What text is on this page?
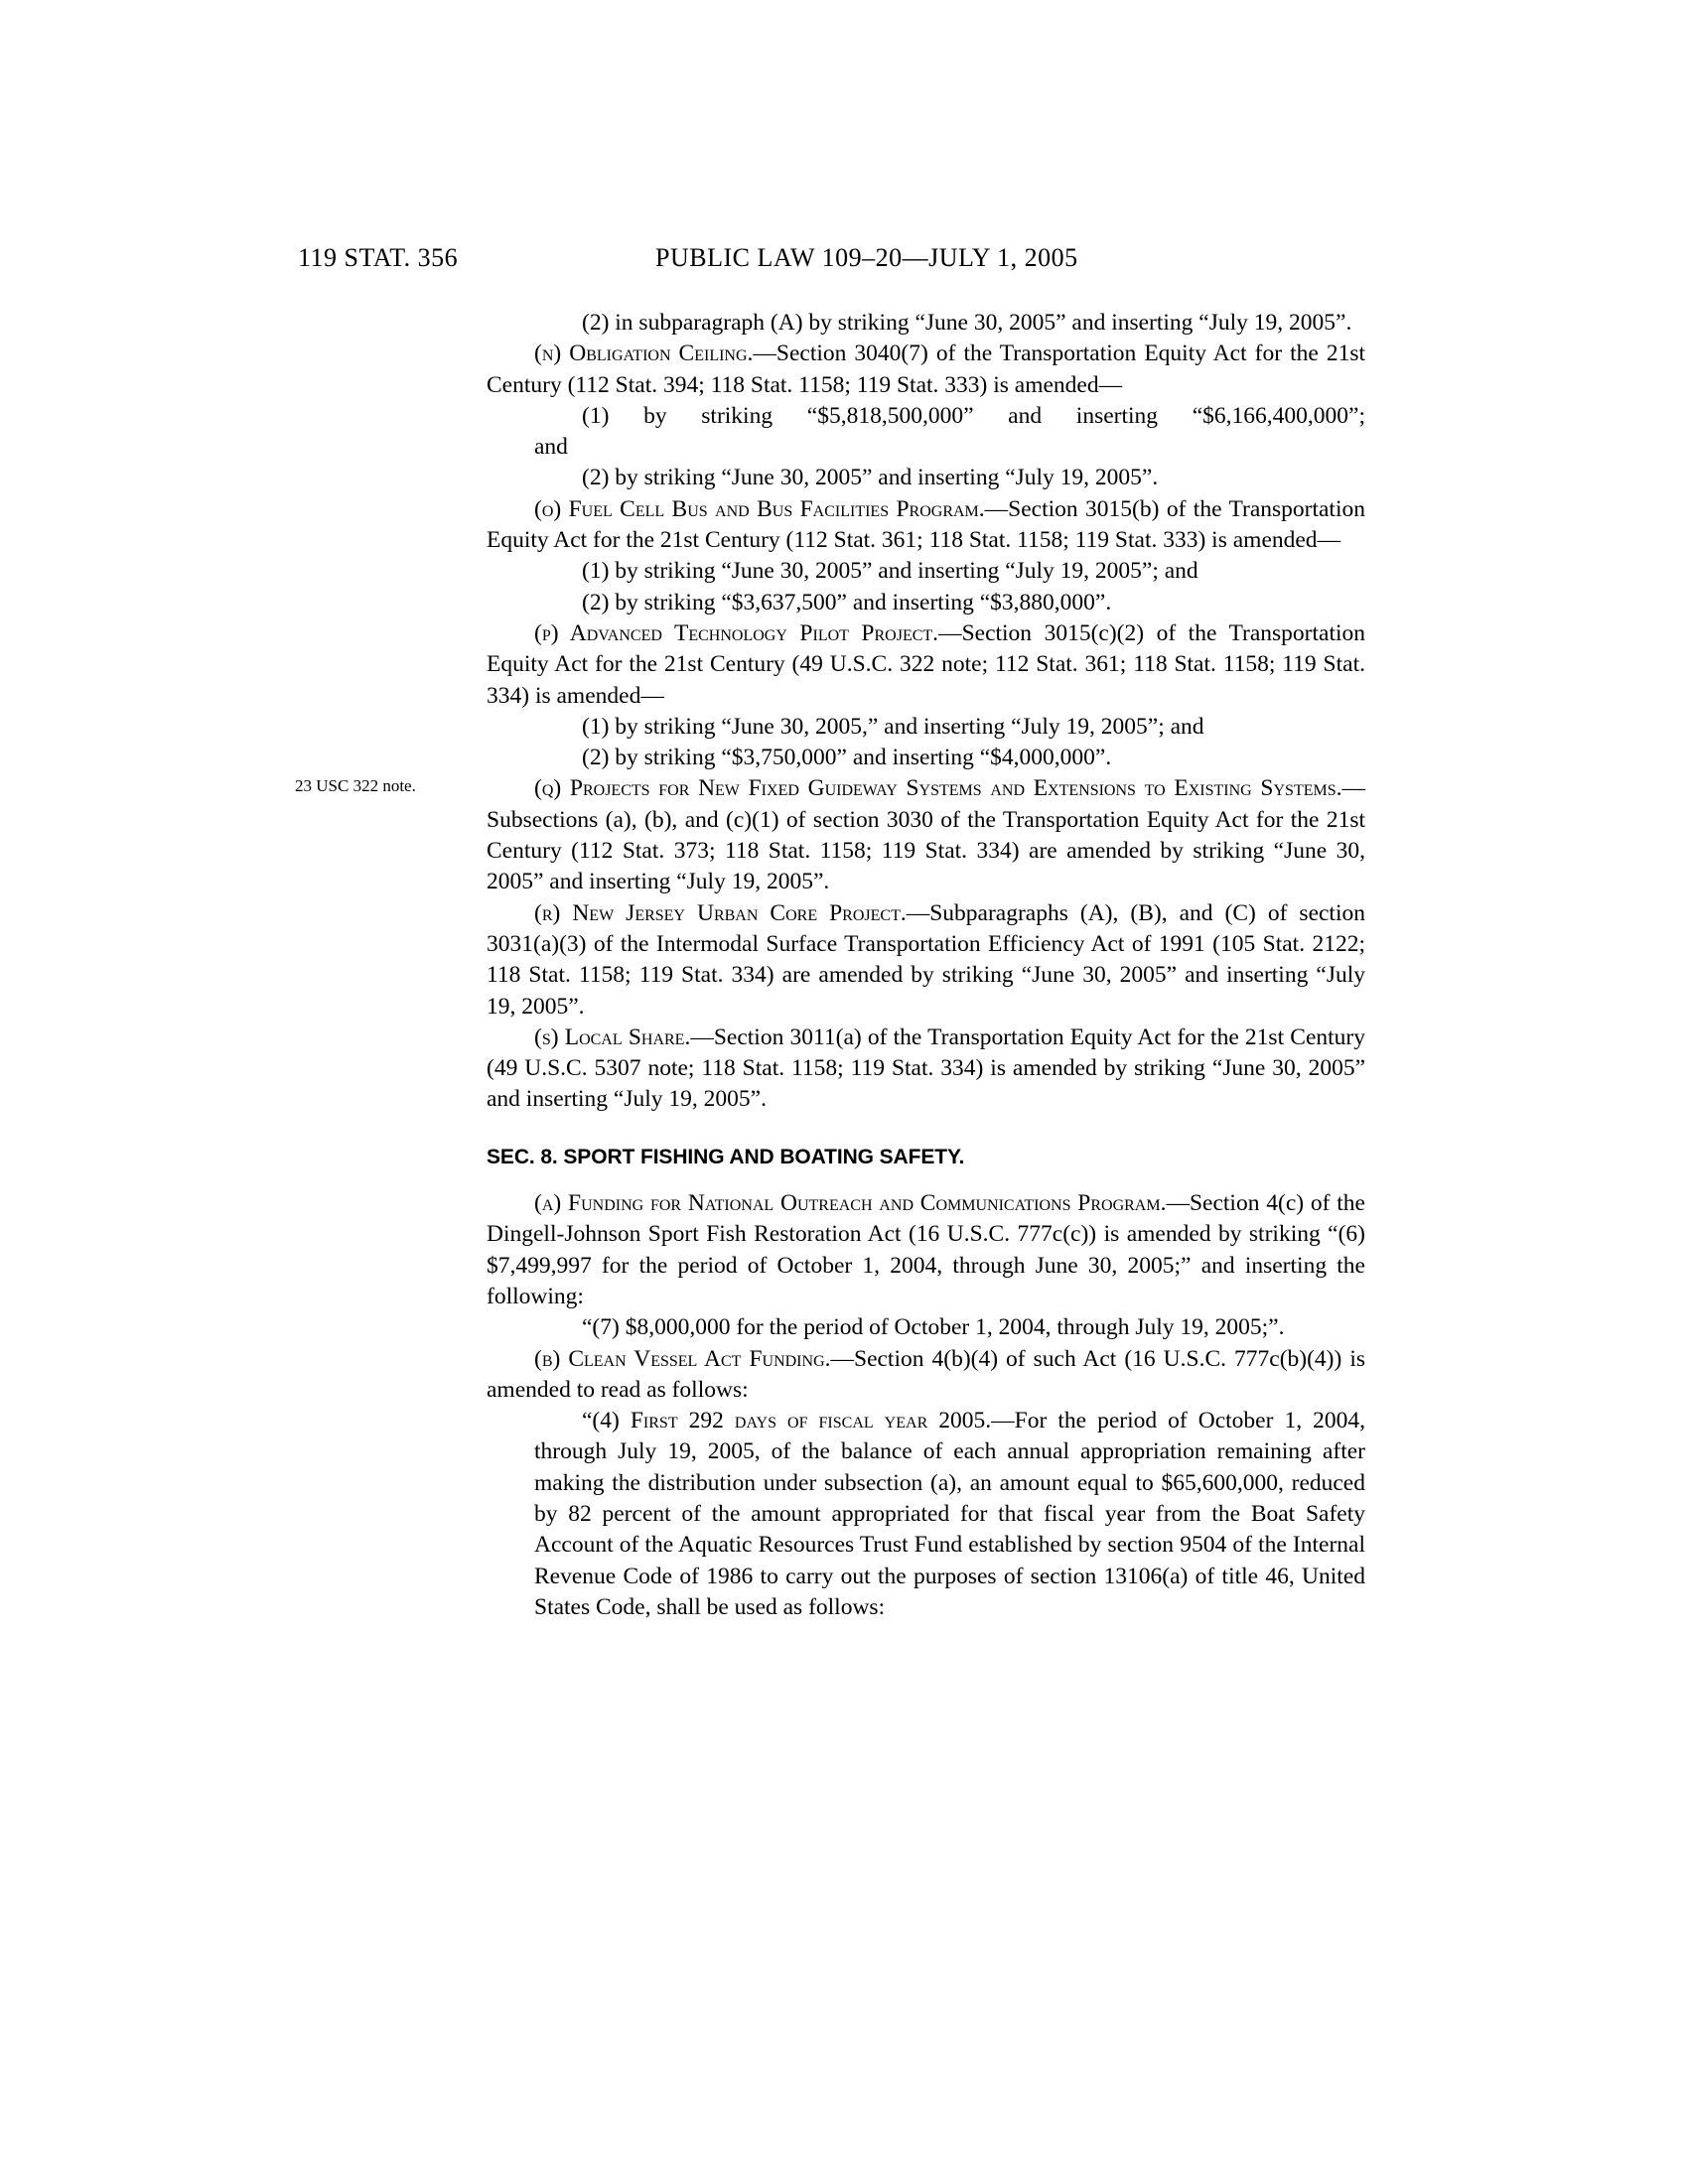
119 STAT. 356	PUBLIC LAW 109–20—JULY 1, 2005
23 USC 322 note.

(2) in subparagraph (A) by striking “June 30, 2005” and inserting “July 19, 2005”.

(n) Obligation Ceiling.—Section 3040(7) of the Transportation Equity Act for the 21st Century (112 Stat. 394; 118 Stat. 1158; 119 Stat. 333) is amended—

(1) by striking “$5,818,500,000” and inserting “$6,166,400,000”; and

(2) by striking “June 30, 2005” and inserting “July 19, 2005”.

(o) Fuel Cell Bus and Bus Facilities Program.—Section 3015(b) of the Transportation Equity Act for the 21st Century (112 Stat. 361; 118 Stat. 1158; 119 Stat. 333) is amended—

(1) by striking “June 30, 2005” and inserting “July 19, 2005”; and

(2) by striking “$3,637,500” and inserting “$3,880,000”.

(p) Advanced Technology Pilot Project.—Section 3015(c)(2) of the Transportation Equity Act for the 21st Century (49 U.S.C. 322 note; 112 Stat. 361; 118 Stat. 1158; 119 Stat. 334) is amended—

(1) by striking “June 30, 2005,” and inserting “July 19, 2005”; and

(2) by striking “$3,750,000” and inserting “$4,000,000”.

(q) Projects for New Fixed Guideway Systems and Extensions to Existing Systems.—Subsections (a), (b), and (c)(1) of section 3030 of the Transportation Equity Act for the 21st Century (112 Stat. 373; 118 Stat. 1158; 119 Stat. 334) are amended by striking “June 30, 2005” and inserting “July 19, 2005”.

(r) New Jersey Urban Core Project.—Subparagraphs (A), (B), and (C) of section 3031(a)(3) of the Intermodal Surface Transportation Efficiency Act of 1991 (105 Stat. 2122; 118 Stat. 1158; 119 Stat. 334) are amended by striking “June 30, 2005” and inserting “July 19, 2005”.

(s) Local Share.—Section 3011(a) of the Transportation Equity Act for the 21st Century (49 U.S.C. 5307 note; 118 Stat. 1158; 119 Stat. 334) is amended by striking “June 30, 2005” and inserting “July 19, 2005”.

SEC. 8. SPORT FISHING AND BOATING SAFETY.

(a) Funding for National Outreach and Communications Program.—Section 4(c) of the Dingell-Johnson Sport Fish Restoration Act (16 U.S.C. 777c(c)) is amended by striking “(6) $7,499,997 for the period of October 1, 2004, through June 30, 2005;” and inserting the following:

“(7) $8,000,000 for the period of October 1, 2004, through July 19, 2005;”.

(b) Clean Vessel Act Funding.—Section 4(b)(4) of such Act (16 U.S.C. 777c(b)(4)) is amended to read as follows:

“(4) First 292 days of fiscal year 2005.—For the period of October 1, 2004, through July 19, 2005, of the balance of each annual appropriation remaining after making the distribution under subsection (a), an amount equal to $65,600,000, reduced by 82 percent of the amount appropriated for that fiscal year from the Boat Safety Account of the Aquatic Resources Trust Fund established by section 9504 of the Internal Revenue Code of 1986 to carry out the purposes of section 13106(a) of title 46, United States Code, shall be used as follows:
